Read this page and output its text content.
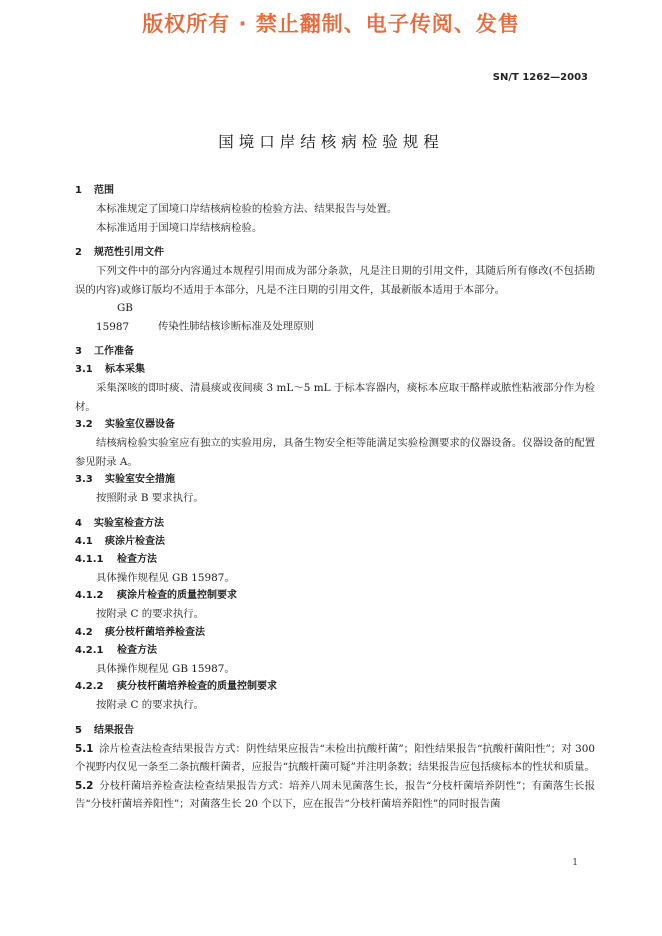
版权所有 · 禁止翻制、电子传阅、发售
SN/T 1262—2003
国境口岸结核病检验规程
1 范围

本标准规定了国境口岸结核病检验的检验方法、结果报告与处置。

本标准适用于国境口岸结核病检验。

2 规范性引用文件

下列文件中的部分内容通过本规程引用而成为部分条款，凡是注日期的引用文件，其随后所有修改(不包括勘误的内容)或修订版均不适用于本部分，凡是不注日期的引用文件，其最新版本适用于本部分。

GB 15987	传染性肺结核诊断标准及处理原则

3 工作准备
3.1 标本采集

采集深咳的即时痰、清晨痰或夜间痰 3 mL～5 mL 于标本容器内，痰标本应取干酪样或脓性粘液部分作为检材。

3.2 实验室仪器设备

结核病检验实验室应有独立的实验用房，具备生物安全柜等能满足实验检测要求的仪器设备。仪器设备的配置参见附录 A。

3.3 实验室安全措施

按照附录 B 要求执行。

4 实验室检查方法
4.1 痰涂片检查法
4.1.1 检查方法

具体操作规程见 GB 15987。

4.1.2 痰涂片检查的质量控制要求

按附录 C 的要求执行。

4.2 痰分枝杆菌培养检查法
4.2.1 检查方法

具体操作规程见 GB 15987。

4.2.2 痰分枝杆菌培养检查的质量控制要求

按附录 C 的要求执行。

5 结果报告

5.1 涂片检查法检查结果报告方式：阴性结果应报告“未检出抗酸杆菌”；阳性结果报告“抗酸杆菌阳性”；对 300 个视野内仅见一条至二条抗酸杆菌者，应报告“抗酸杆菌可疑”并注明条数；结果报告应包括痰标本的性状和质量。

5.2 分枝杆菌培养检查法检查结果报告方式：培养八周未见菌落生长，报告“分枝杆菌培养阴性”；有菌落生长报告“分枝杆菌培养阳性”；对菌落生长 20 个以下，应在报告“分枝杆菌培养阳性”的同时报告菌

1
